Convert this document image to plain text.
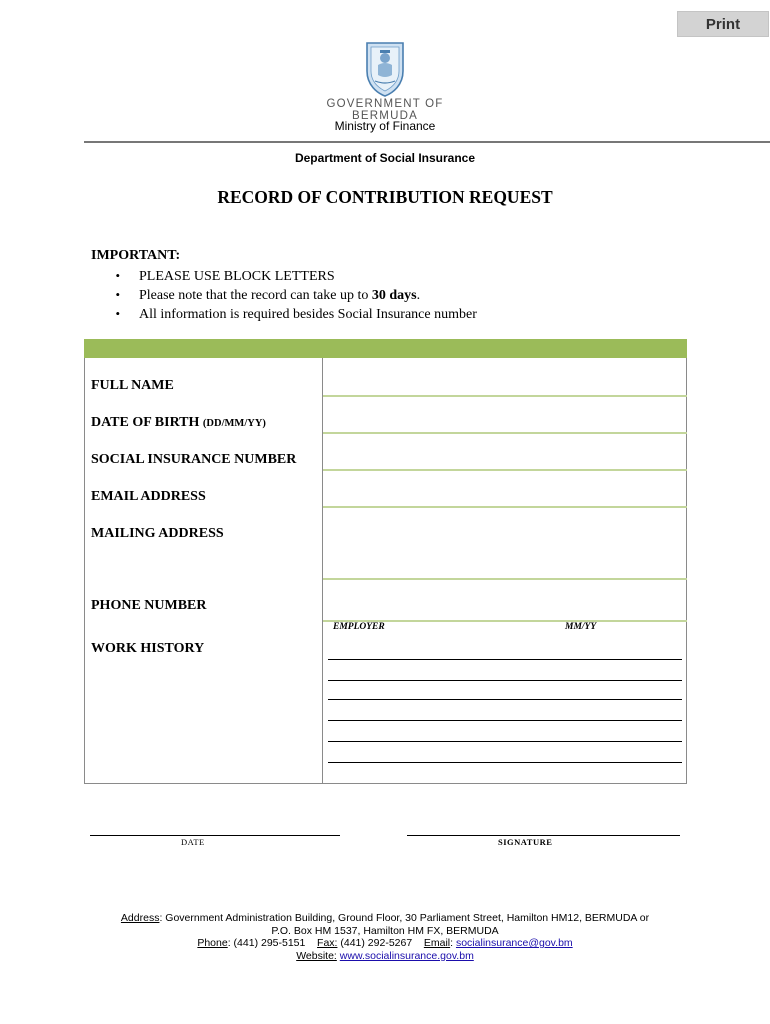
Print
GOVERNMENT OF BERMUDA
Ministry of Finance
Department of Social Insurance
RECORD OF CONTRIBUTION REQUEST
IMPORTANT:
•PLEASE USE BLOCK LETTERS
•Please note that the record can take up to 30 days.
•All information is required besides Social Insurance number
FULL NAME
DATE OF BIRTH (DD/MM/YY)
SOCIAL INSURANCE NUMBER
EMAIL ADDRESS
MAILING ADDRESS
PHONE NUMBER
WORK HISTORY
EMPLOYER	MM/YY
DATE	SIGNATURE
Address: Government Administration Building, Ground Floor, 30 Parliament Street, Hamilton HM12, BERMUDA or
P.O. Box HM 1537, Hamilton HM FX, BERMUDA
Phone: (441) 295-5151 Fax: (441) 292-5267 Email: socialinsurance@gov.bm
Website: www.socialinsurance.gov.bm
